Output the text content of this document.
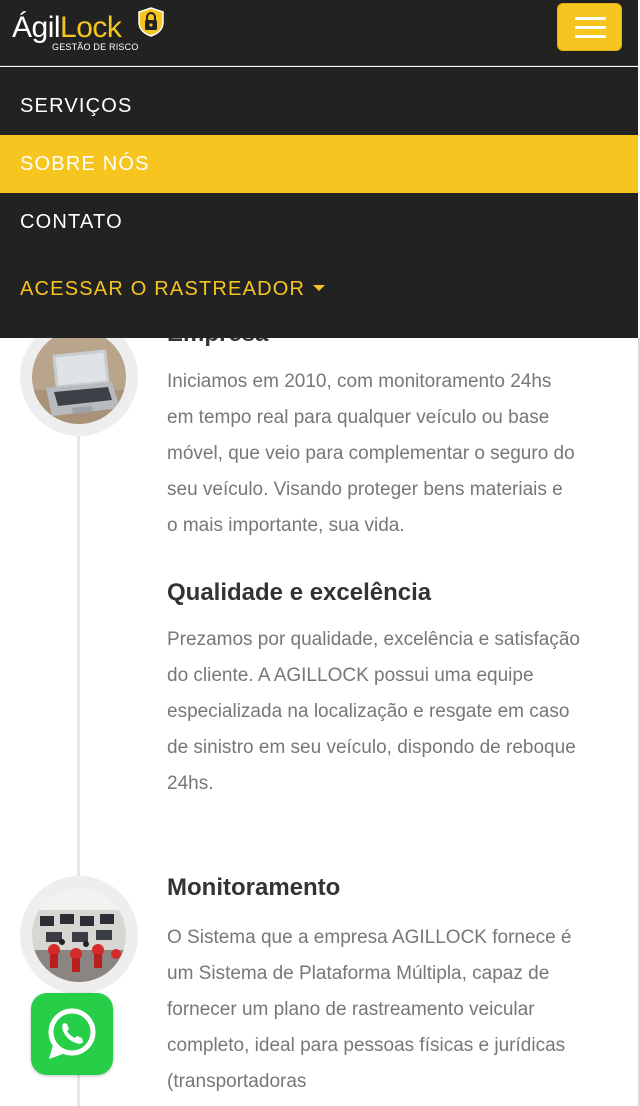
Iniciamos em 2010, com monitoramento 24hs em tempo real para qualquer veículo ou base móvel, que veio para complementar o seguro do seu veículo. Visando proteger bens materiais e o mais importante, sua vida.
Qualidade e excelência
Prezamos por qualidade, excelência e satisfação do cliente. A AGILLOCK possui uma equipe especializada na localização e resgate em caso de sinistro em seu veículo, dispondo de reboque 24hs.
Monitoramento
O Sistema que a empresa AGILLOCK fornece é um Sistema de Plataforma Múltipla, capaz de fornecer um plano de rastreamento veicular completo, ideal para pessoas físicas e jurídicas (transportadoras
ÁgilLock
GESTÃO DE RISCO
SERVIÇOS
SOBRE NÓS
CONTATO
ACESSAR O RASTREADOR
